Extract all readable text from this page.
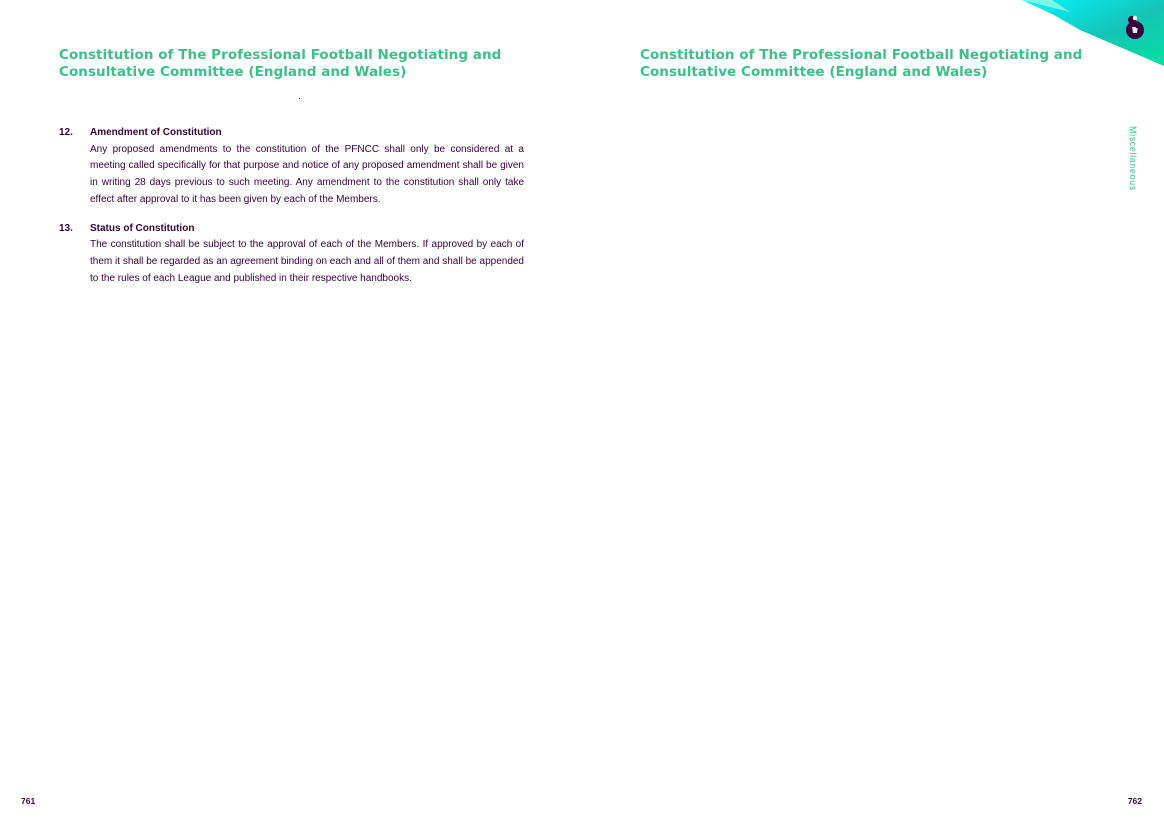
Constitution of The Professional Football Negotiating and
Consultative Committee (England and Wales)
12.	Amendment of Constitution
Any proposed amendments to the constitution of the PFNCC shall only be considered at a meeting called specifically for that purpose and notice of any proposed amendment shall be given in writing 28 days previous to such meeting. Any amendment to the constitution shall only take effect after approval to it has been given by each of the Members.
13.	Status of Constitution
The constitution shall be subject to the approval of each of the Members. If approved by each of them it shall be regarded as an agreement binding on each and all of them and shall be appended to the rules of each League and published in their respective handbooks.
761
Constitution of The Professional Football Negotiating and
Consultative Committee (England and Wales)
Miscellaneous
762
